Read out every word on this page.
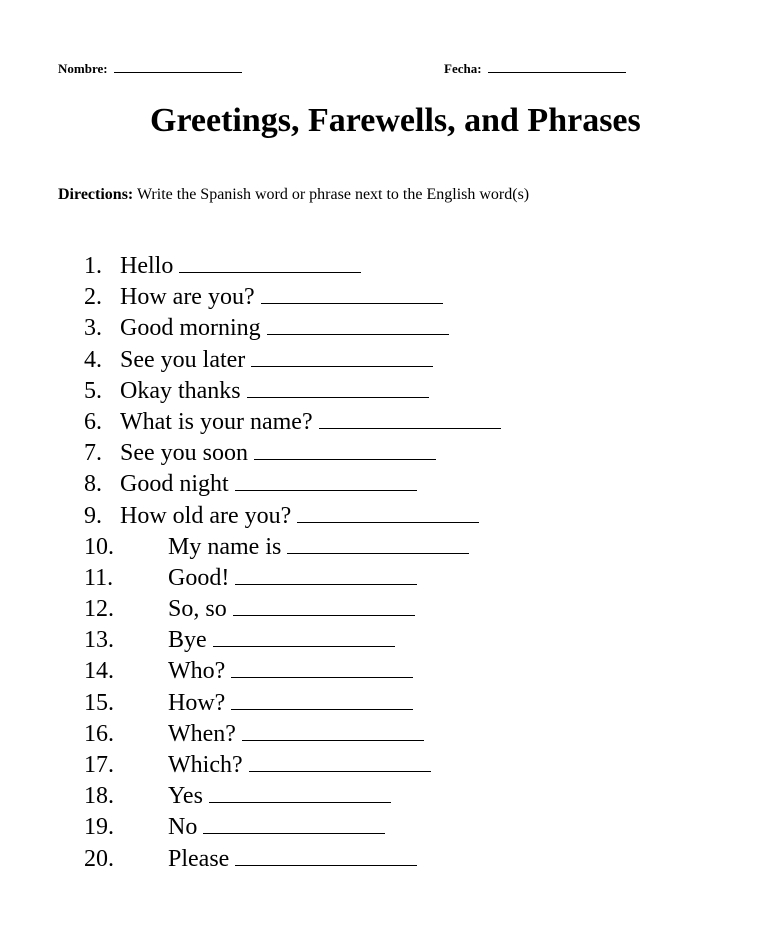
Nombre:	Fecha:
Greetings, Farewells, and Phrases
Directions: Write the Spanish word or phrase next to the English word(s)
1. Hello
2. How are you?
3. Good morning
4. See you later
5. Okay thanks
6. What is your name?
7. See you soon
8. Good night
9. How old are you?
10. My name is
11. Good!
12. So, so
13. Bye
14. Who?
15. How?
16. When?
17. Which?
18. Yes
19. No
20. Please
